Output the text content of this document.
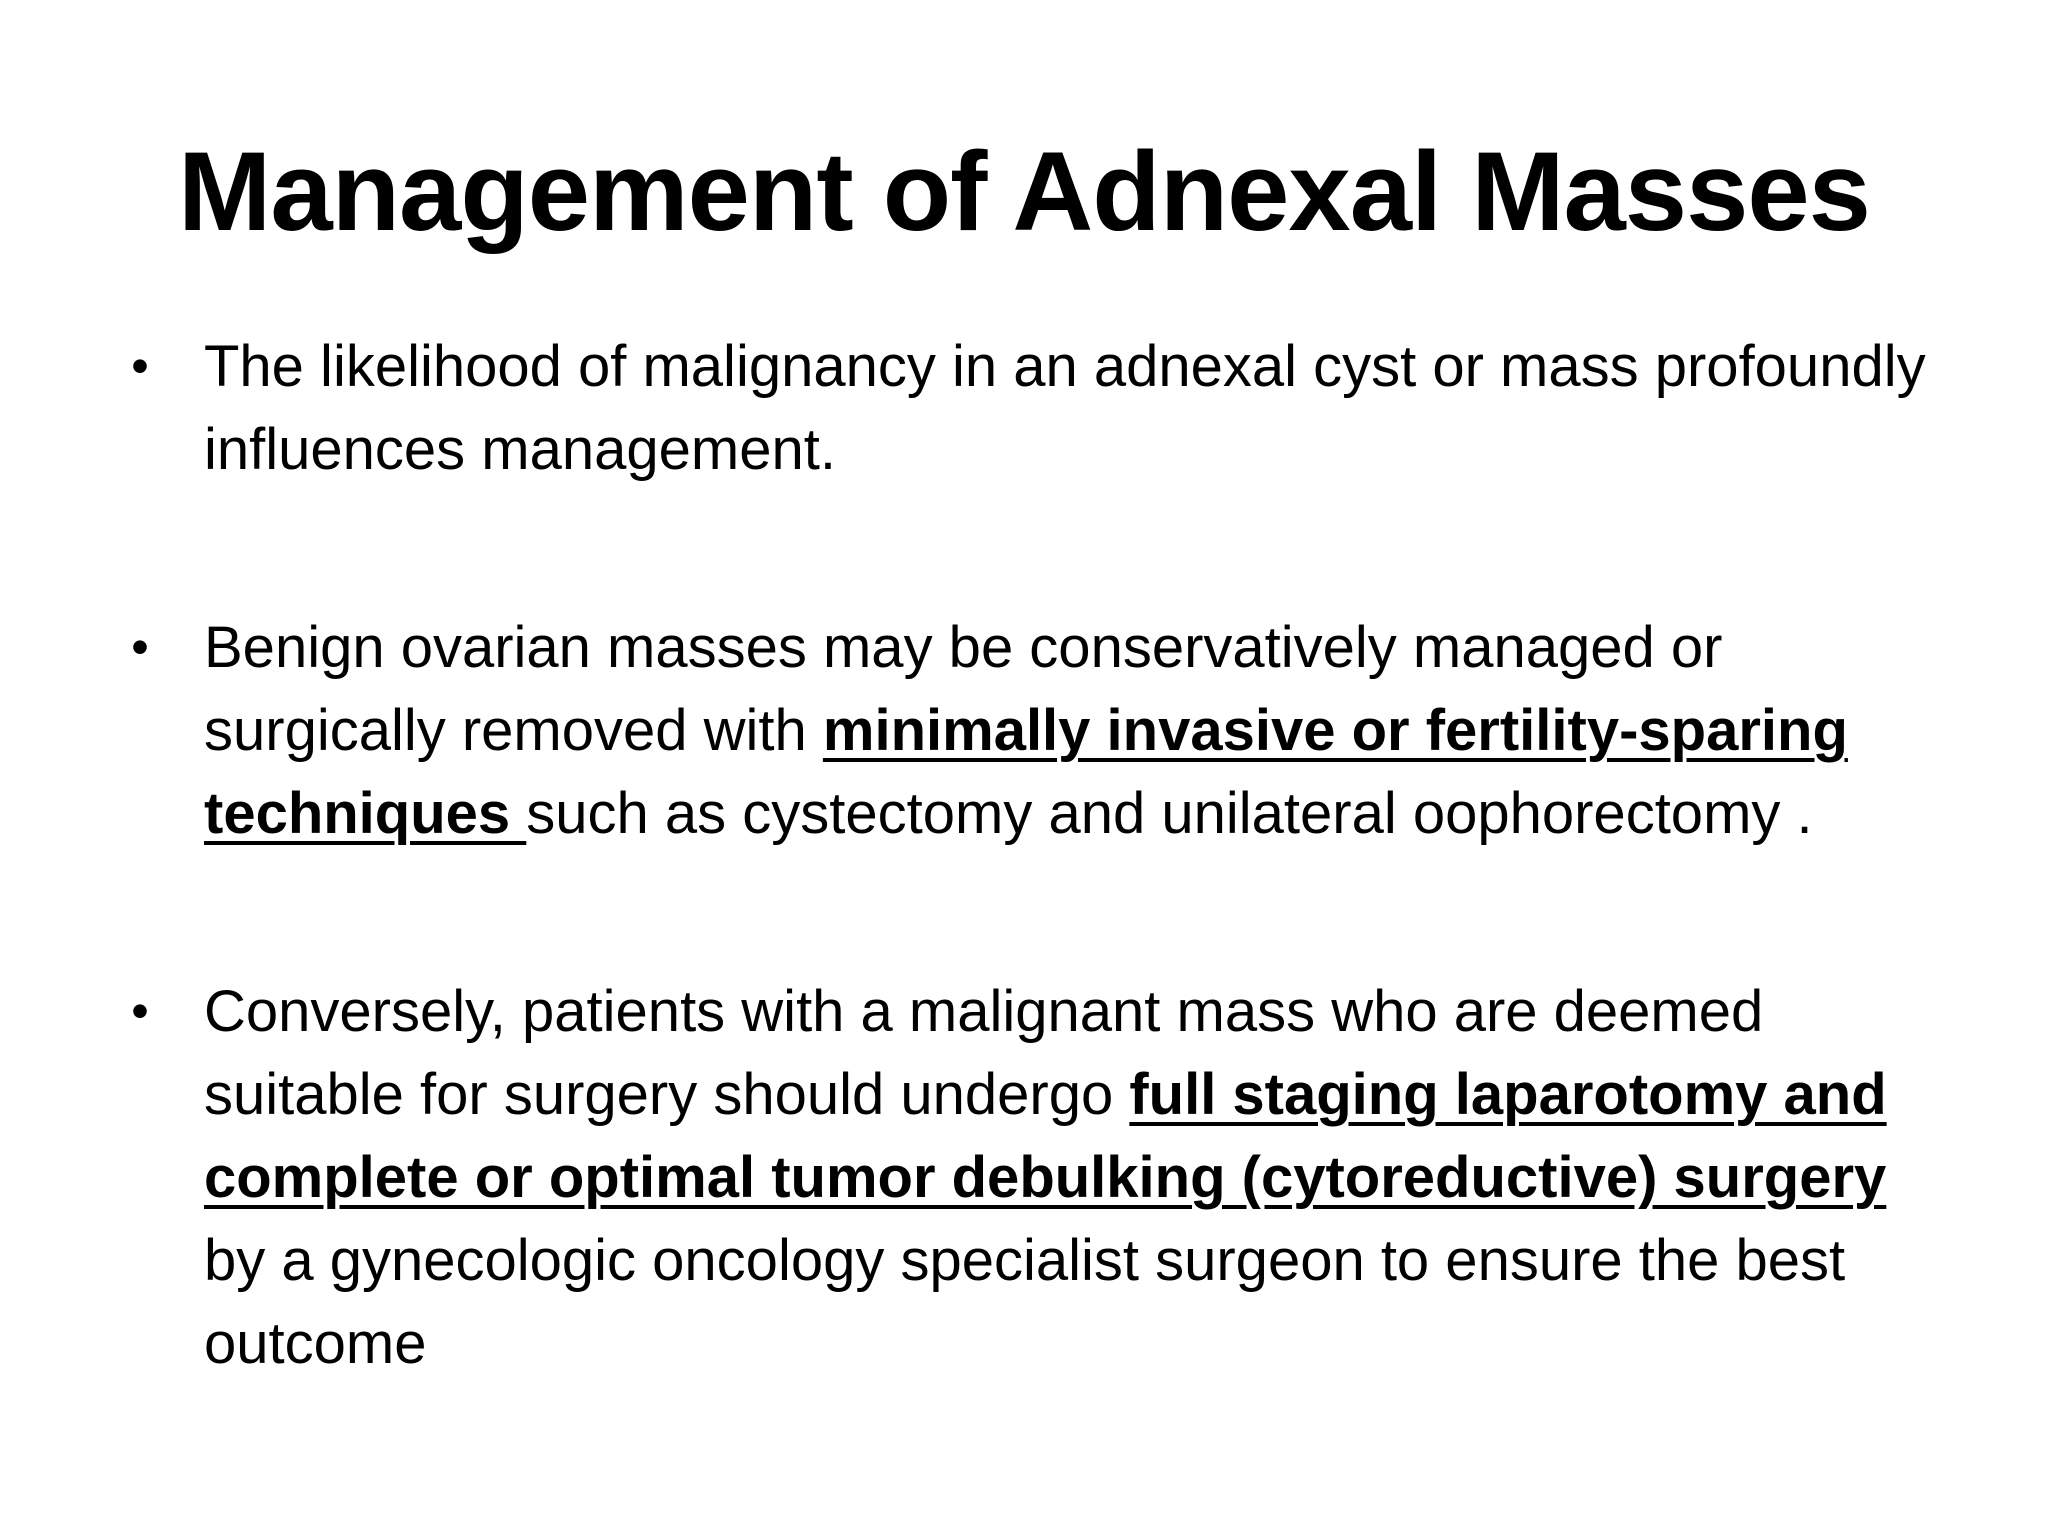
Management of Adnexal Masses
• The likelihood of malignancy in an adnexal cyst or mass profoundly influences management.
• Benign ovarian masses may be conservatively managed or surgically removed with minimally invasive or fertility-sparing techniques such as cystectomy and unilateral oophorectomy .
• Conversely, patients with a malignant mass who are deemed suitable for surgery should undergo full staging laparotomy and complete or optimal tumor debulking (cytoreductive) surgery by a gynecologic oncology specialist surgeon to ensure the best outcome
